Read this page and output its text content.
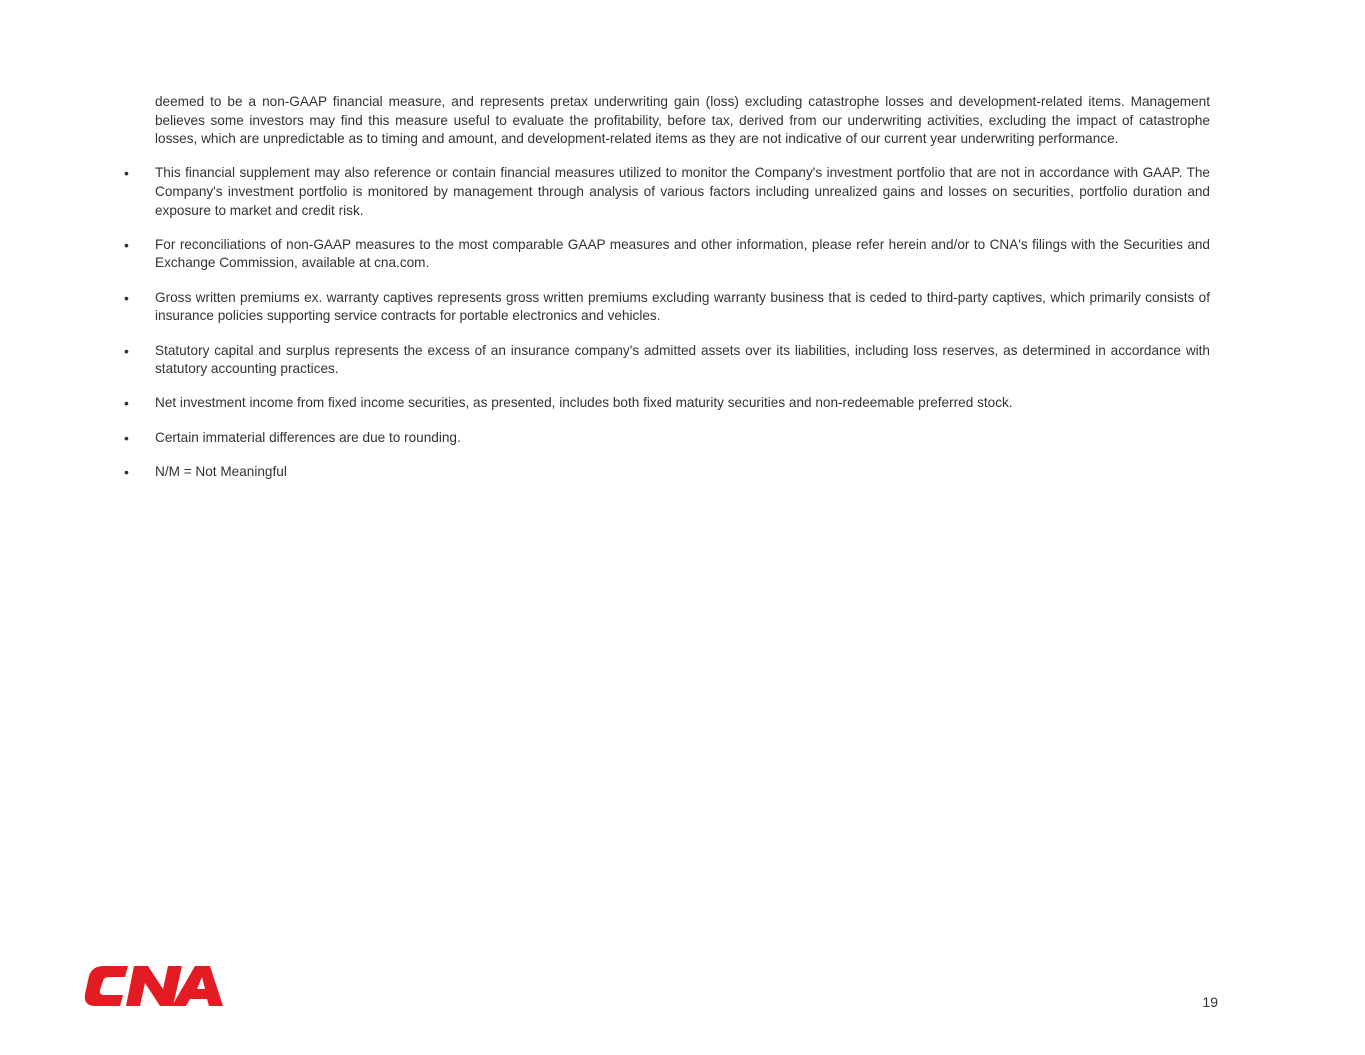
deemed to be a non-GAAP financial measure, and represents pretax underwriting gain (loss) excluding catastrophe losses and development-related items. Management believes some investors may find this measure useful to evaluate the profitability, before tax, derived from our underwriting activities, excluding the impact of catastrophe losses, which are unpredictable as to timing and amount, and development-related items as they are not indicative of our current year underwriting performance.

• This financial supplement may also reference or contain financial measures utilized to monitor the Company's investment portfolio that are not in accordance with GAAP. The Company's investment portfolio is monitored by management through analysis of various factors including unrealized gains and losses on securities, portfolio duration and exposure to market and credit risk.
• For reconciliations of non-GAAP measures to the most comparable GAAP measures and other information, please refer herein and/or to CNA's filings with the Securities and Exchange Commission, available at cna.com.
• Gross written premiums ex. warranty captives represents gross written premiums excluding warranty business that is ceded to third-party captives, which primarily consists of insurance policies supporting service contracts for portable electronics and vehicles.
• Statutory capital and surplus represents the excess of an insurance company's admitted assets over its liabilities, including loss reserves, as determined in accordance with statutory accounting practices.
• Net investment income from fixed income securities, as presented, includes both fixed maturity securities and non-redeemable preferred stock.
• Certain immaterial differences are due to rounding.
• N/M = Not Meaningful
19
